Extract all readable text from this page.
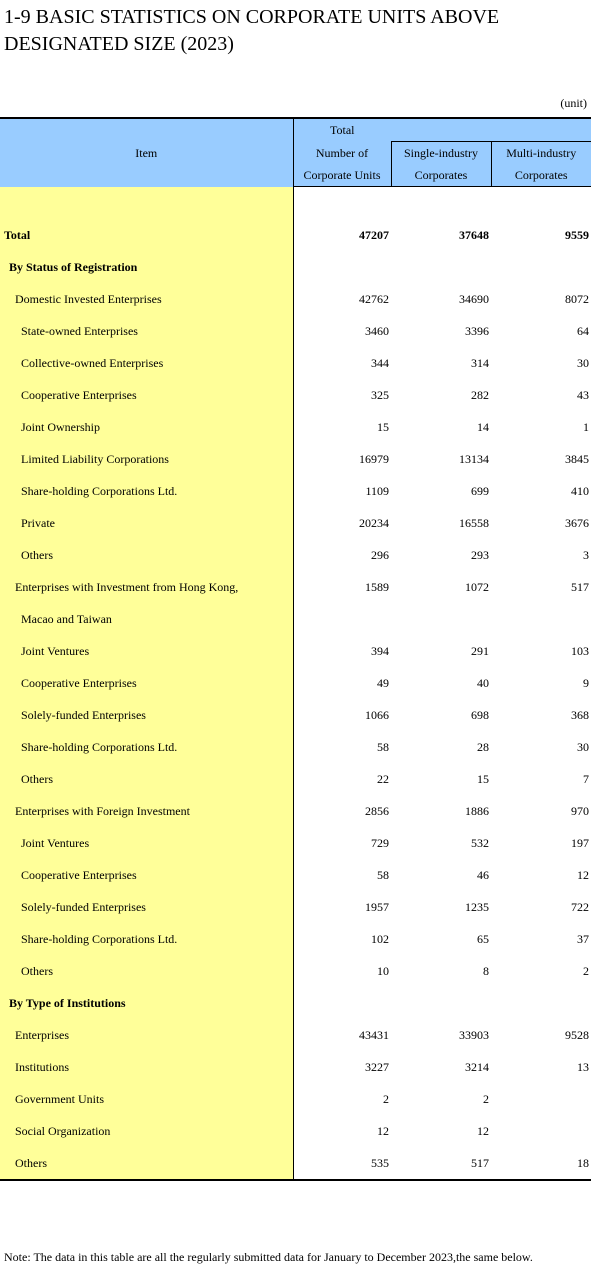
1-9 BASIC STATISTICS ON CORPORATE UNITS ABOVE
DESIGNATED SIZE (2023)
(unit)
Item	Total		
	Number of	Single-industry	Multi-industry
	Corporate Units	Corporates	Corporates

Total	47207	37648	9559
By Status of Registration			
Domestic Invested Enterprises	42762	34690	8072
State-owned Enterprises	3460	3396	64
Collective-owned Enterprises	344	314	30
Cooperative Enterprises	325	282	43
Joint Ownership	15	14	1
Limited Liability Corporations	16979	13134	3845
Share-holding Corporations Ltd.	1109	699	410
Private	20234	16558	3676
Others	296	293	3
Enterprises with Investment from Hong Kong,	1589	1072	517
Macao and Taiwan			
Joint Ventures	394	291	103
Cooperative Enterprises	49	40	9
Solely-funded Enterprises	1066	698	368
Share-holding Corporations Ltd.	58	28	30
Others	22	15	7
Enterprises with Foreign Investment	2856	1886	970
Joint Ventures	729	532	197
Cooperative Enterprises	58	46	12
Solely-funded Enterprises	1957	1235	722
Share-holding Corporations Ltd.	102	65	37
Others	10	8	2
By Type of Institutions			
Enterprises	43431	33903	9528
Institutions	3227	3214	13
Government Units	2	2	
Social Organization	12	12	
Others	535	517	18
Note: The data in this table are all the regularly submitted data for January to December 2023,the same below.
